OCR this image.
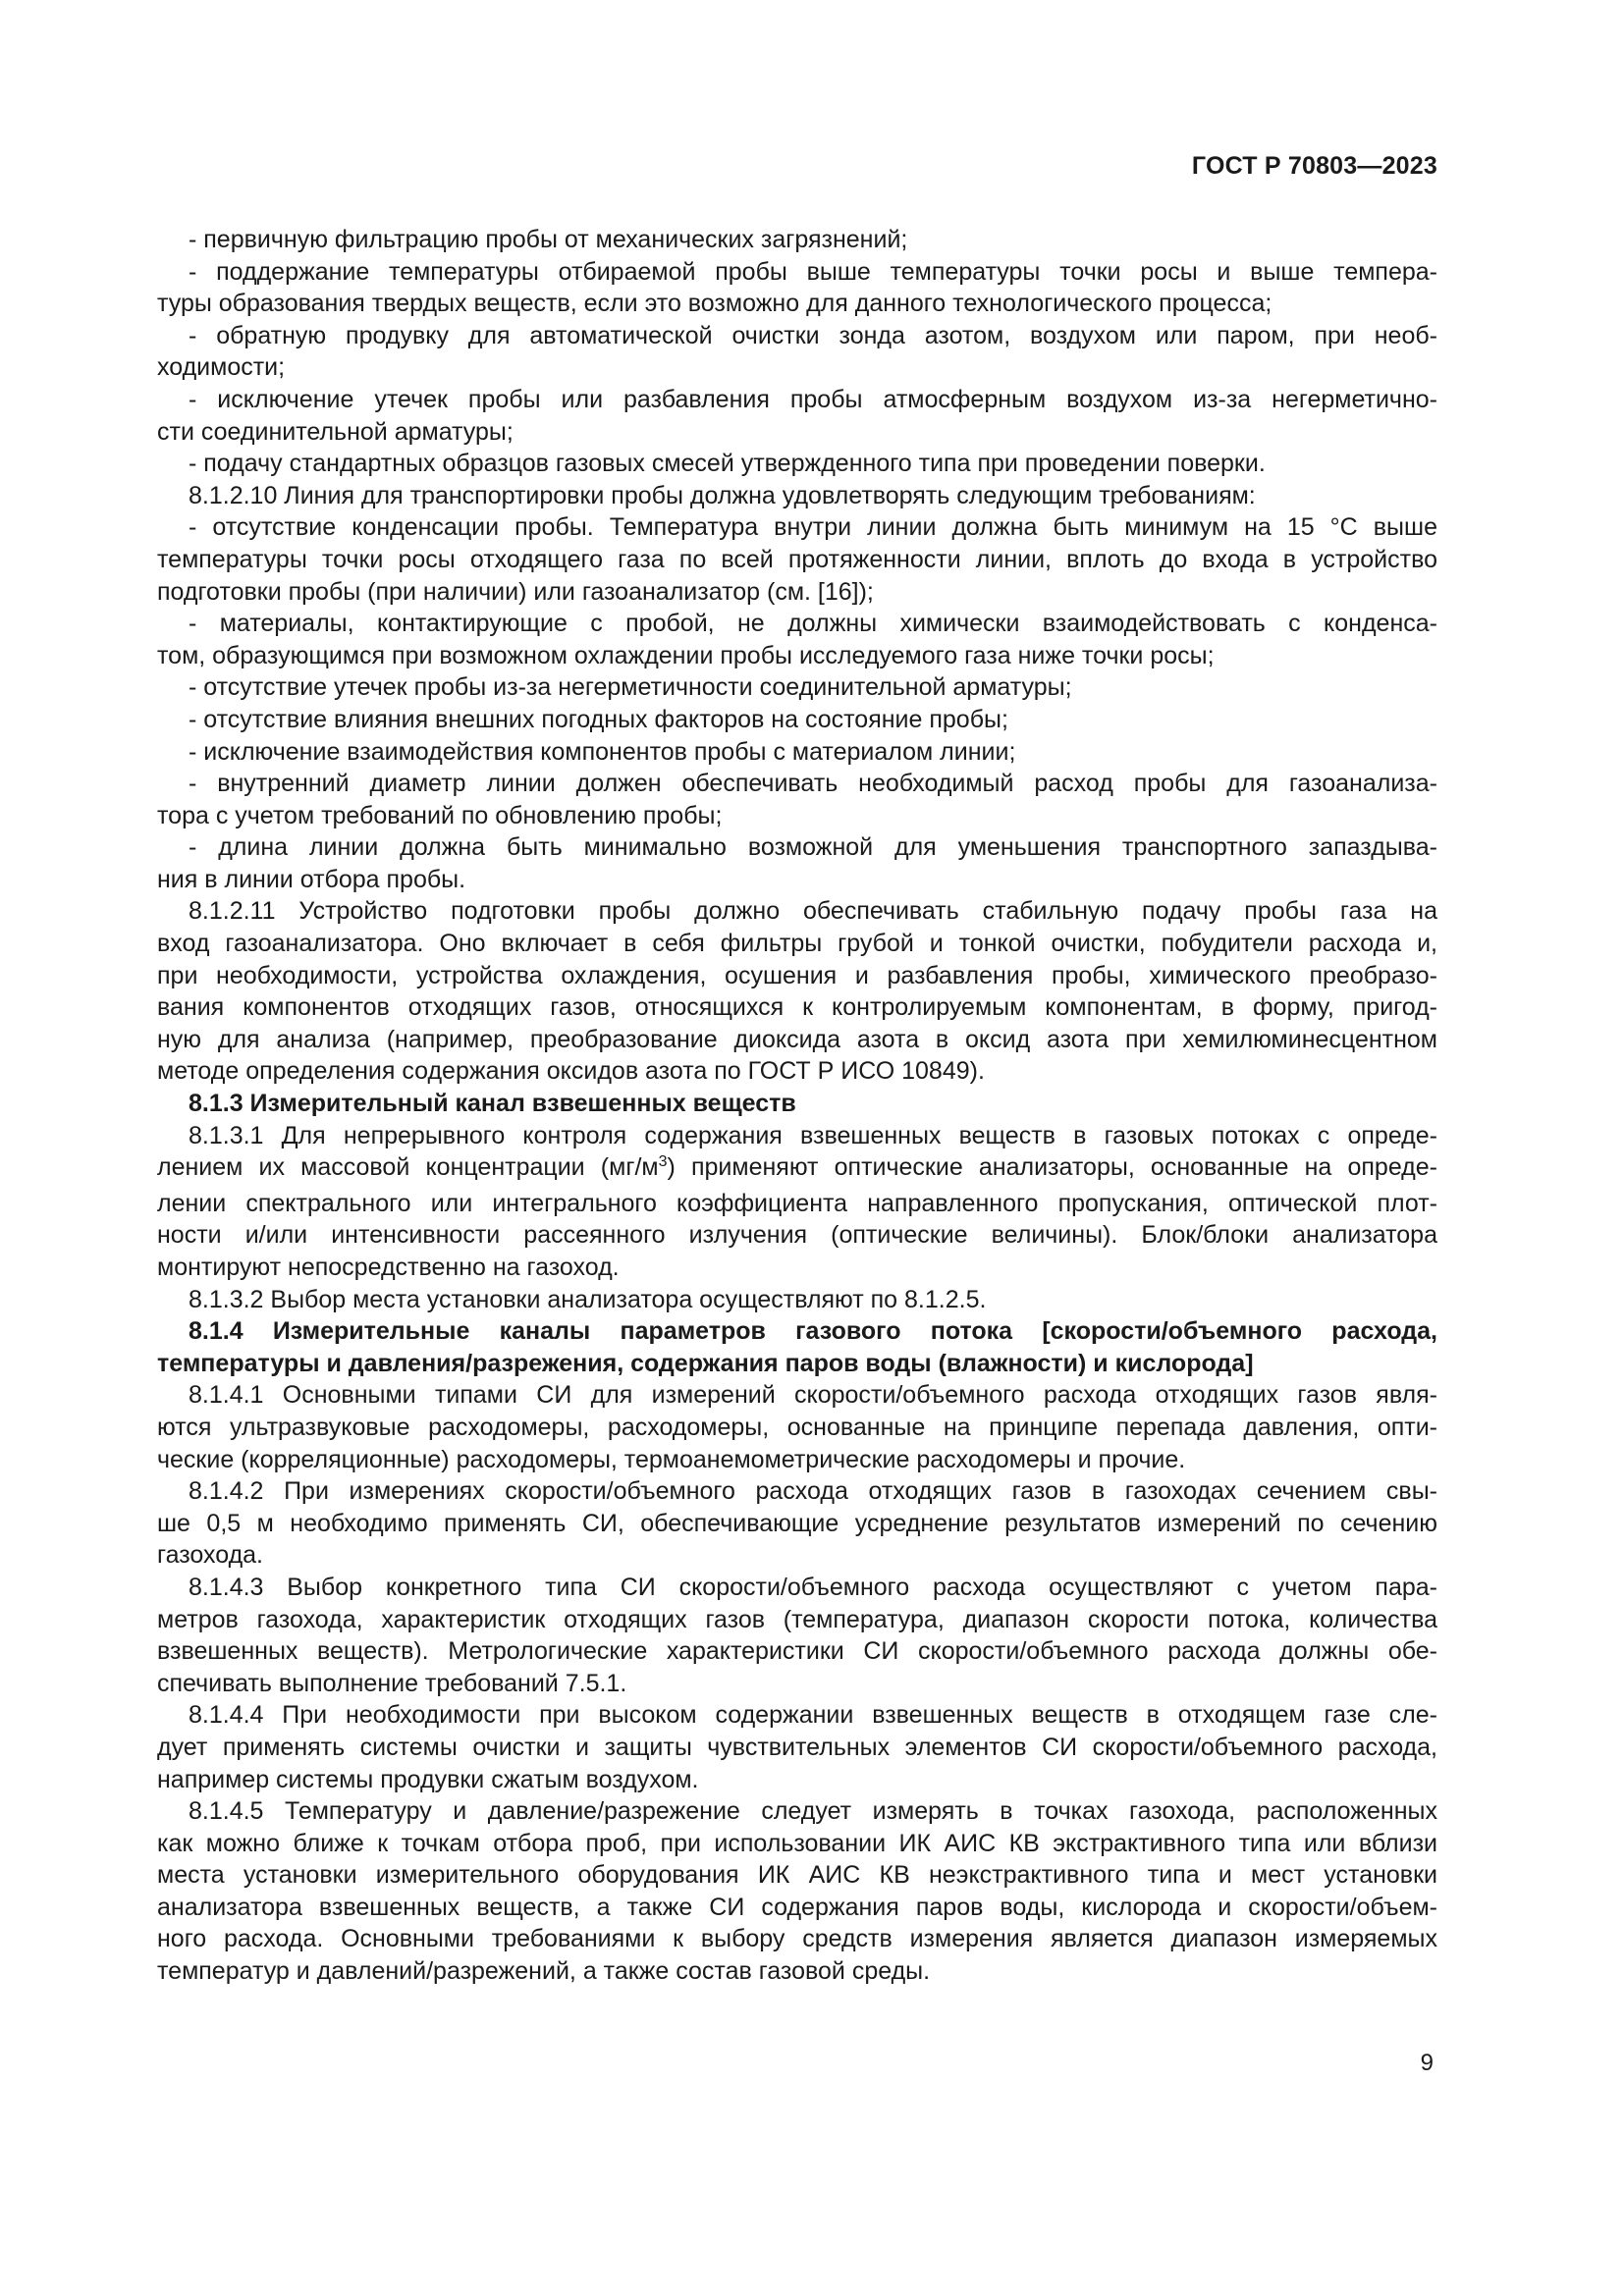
ГОСТ Р 70803—2023
- первичную фильтрацию пробы от механических загрязнений;
- поддержание температуры отбираемой пробы выше температуры точки росы и выше темпера-
туры образования твердых веществ, если это возможно для данного технологического процесса;
- обратную продувку для автоматической очистки зонда азотом, воздухом или паром, при необ-
ходимости;
- исключение утечек пробы или разбавления пробы атмосферным воздухом из-за негерметично-
сти соединительной арматуры;
- подачу стандартных образцов газовых смесей утвержденного типа при проведении поверки.
8.1.2.10 Линия для транспортировки пробы должна удовлетворять следующим требованиям:
- отсутствие конденсации пробы. Температура внутри линии должна быть минимум на 15 °С выше
температуры точки росы отходящего газа по всей протяженности линии, вплоть до входа в устройство
подготовки пробы (при наличии) или газоанализатор (см. [16]);
- материалы, контактирующие с пробой, не должны химически взаимодействовать с конденса-
том, образующимся при возможном охлаждении пробы исследуемого газа ниже точки росы;
- отсутствие утечек пробы из-за негерметичности соединительной арматуры;
- отсутствие влияния внешних погодных факторов на состояние пробы;
- исключение взаимодействия компонентов пробы с материалом линии;
- внутренний диаметр линии должен обеспечивать необходимый расход пробы для газоанализа-
тора с учетом требований по обновлению пробы;
- длина линии должна быть минимально возможной для уменьшения транспортного запаздыва-
ния в линии отбора пробы.
8.1.2.11 Устройство подготовки пробы должно обеспечивать стабильную подачу пробы газа на
вход газоанализатора. Оно включает в себя фильтры грубой и тонкой очистки, побудители расхода и,
при необходимости, устройства охлаждения, осушения и разбавления пробы, химического преобразо-
вания компонентов отходящих газов, относящихся к контролируемым компонентам, в форму, пригод-
ную для анализа (например, преобразование диоксида азота в оксид азота при хемилюминесцентном
методе определения содержания оксидов азота по ГОСТ Р ИСО 10849).
8.1.3 Измерительный канал взвешенных веществ
8.1.3.1 Для непрерывного контроля содержания взвешенных веществ в газовых потоках с опреде-
лением их массовой концентрации $(мг/м^3)$ применяют оптические анализаторы, основанные на опреде-
лении спектрального или интегрального коэффициента направленного пропускания, оптической плот-
ности и/или интенсивности рассеянного излучения (оптические величины). Блок/блоки анализатора
монтируют непосредственно на газоход.
8.1.3.2 Выбор места установки анализатора осуществляют по 8.1.2.5.
8.1.4 Измерительные каналы параметров газового потока [скорости/объемного расхода,
температуры и давления/разрежения, содержания паров воды (влажности) и кислорода]
8.1.4.1 Основными типами СИ для измерений скорости/объемного расхода отходящих газов явля-
ются ультразвуковые расходомеры, расходомеры, основанные на принципе перепада давления, опти-
ческие (корреляционные) расходомеры, термоанемометрические расходомеры и прочие.
8.1.4.2 При измерениях скорости/объемного расхода отходящих газов в газоходах сечением свы-
ше 0,5 м необходимо применять СИ, обеспечивающие усреднение результатов измерений по сечению
газохода.
8.1.4.3 Выбор конкретного типа СИ скорости/объемного расхода осуществляют с учетом пара-
метров газохода, характеристик отходящих газов (температура, диапазон скорости потока, количества
взвешенных веществ). Метрологические характеристики СИ скорости/объемного расхода должны обе-
спечивать выполнение требований 7.5.1.
8.1.4.4 При необходимости при высоком содержании взвешенных веществ в отходящем газе сле-
дует применять системы очистки и защиты чувствительных элементов СИ скорости/объемного расхода,
например системы продувки сжатым воздухом.
8.1.4.5 Температуру и давление/разрежение следует измерять в точках газохода, расположенных
как можно ближе к точкам отбора проб, при использовании ИК АИС КВ экстрактивного типа или вблизи
места установки измерительного оборудования ИК АИС КВ неэкстрактивного типа и мест установки
анализатора взвешенных веществ, а также СИ содержания паров воды, кислорода и скорости/объем-
ного расхода. Основными требованиями к выбору средств измерения является диапазон измеряемых
температур и давлений/разрежений, а также состав газовой среды.
9
